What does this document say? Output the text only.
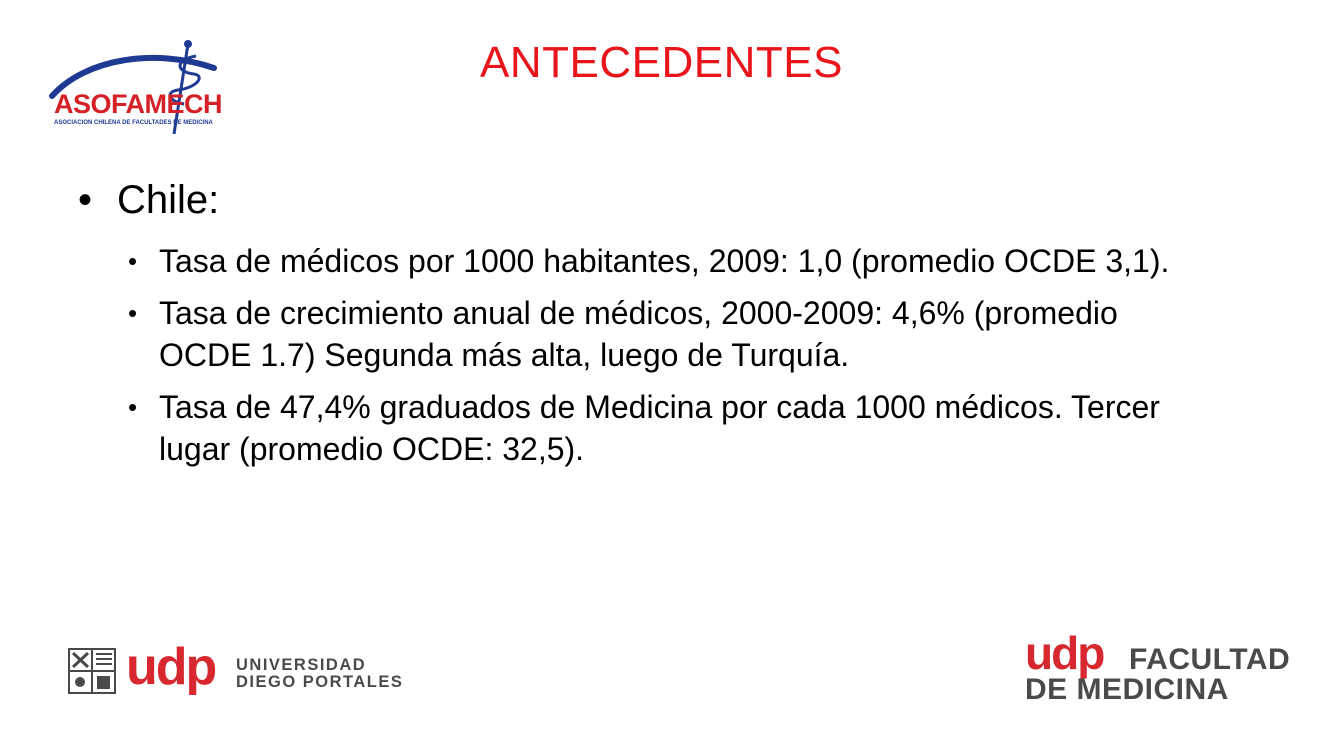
ANTECEDENTES
ASOFAMECH
ASOCIACION CHILENA DE FACULTADES DE MEDICINA
• Chile:
• Tasa de médicos por 1000 habitantes, 2009: 1,0 (promedio OCDE 3,1).
• Tasa de crecimiento anual de médicos, 2000-2009: 4,6% (promedio OCDE 1.7) Segunda más alta, luego de Turquía.
• Tasa de 47,4% graduados de Medicina por cada 1000 médicos. Tercer lugar (promedio OCDE: 32,5).
udp UNIVERSIDAD
DIEGO PORTALES
udp FACULTAD
DE MEDICINA
